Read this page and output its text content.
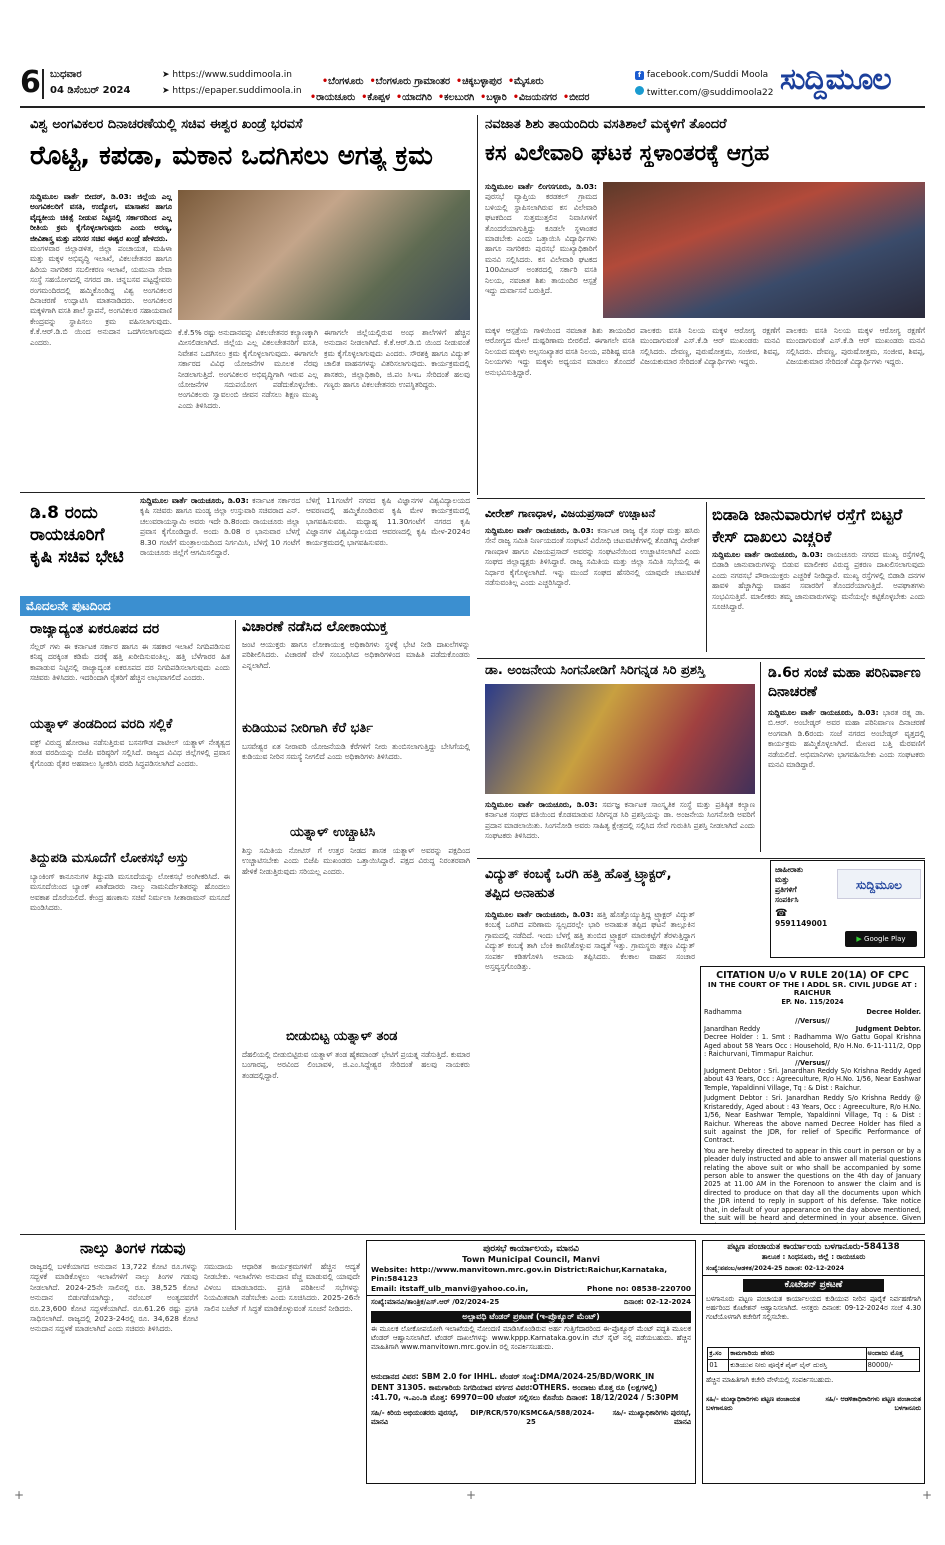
6 ಬುಧವಾರ
04 ಡಿಸೆಂಬರ್ 2024
➤ https://www.suddimoola.in
➤ https://epaper.suddimoola.in
•ಬೆಂಗಳೂರು •ಬೆಂಗಳೂರು ಗ್ರಾಮಾಂತರ •ಚಿಕ್ಕಬಳ್ಳಾಪುರ •ಮೈಸೂರು
•ರಾಯಚೂರು •ಕೊಪ್ಪಳ •ಯಾದಗಿರಿ •ಕಲಬುರಗಿ •ಬಳ್ಳಾರಿ •ವಿಜಯನಗರ •ಬೀದರ
f facebook.com/Suddi Moola
twitter.com/@suddimoola22 ಸುದ್ದಿಮೂಲ
ವಿಶ್ವ ಅಂಗವಿಕಲರ ದಿನಾಚರಣೆಯಲ್ಲಿ ಸಚಿವ ಈಶ್ವರ ಖಂಡ್ರೆ ಭರವಸೆ
ರೊಟ್ಟಿ, ಕಪಡಾ, ಮಕಾನ ಒದಗಿಸಲು ಅಗತ್ಯ ಕ್ರಮ
ಸುದ್ದಿಮೂಲ ವಾರ್ತೆ ಬೀದರ್, ಡಿ.03: ಜಿಲ್ಲೆಯ ಎಲ್ಲ ಅಂಗವಿಕಲರಿಗೆ ವಸತಿ, ಉದ್ಯೋಗ, ಮಾಸಾಶನ ಹಾಗೂ ವೈದ್ಯಕೀಯ ಚಿಕಿತ್ಸೆ ನೀಡುವ ನಿಟ್ಟಿನಲ್ಲಿ ಸರ್ಕಾರದಿಂದ ಎಲ್ಲ ರೀತಿಯ ಕ್ರಮ ಕೈಗೊಳ್ಳಲಾಗುವುದು ಎಂದು ಅರಣ್ಯ, ಜೀವಿಶಾಸ್ತ್ರ ಮತ್ತು ಪರಿಸರ ಸಚಿವ ಈಶ್ವರ ಖಂಡ್ರೆ ಹೇಳಿದರು.
ಮಂಗಳವಾರ ಜಿಲ್ಲಾಡಳಿತ, ಜಿಲ್ಲಾ ಪಂಚಾಯತ, ಮಹಿಳಾ ಮತ್ತು ಮಕ್ಕಳ ಅಭಿವೃದ್ಧಿ ಇಲಾಖೆ, ವಿಕಲಚೇತನರ ಹಾಗೂ ಹಿರಿಯ ನಾಗರಿಕರ ಸಬಲೀಕರಣ ಇಲಾಖೆ, ಯಮುನಾ ಸೇವಾ ಸಂಸ್ಥೆ ಸಹಯೋಗದಲ್ಲಿ ನಗರದ ಡಾ. ಚನ್ನಬಸವ ಪಟ್ಟದ್ದೇವರು ರಂಗಮಂದಿರದಲ್ಲಿ ಹಮ್ಮಿಕೊಂಡಿದ್ದ ವಿಶ್ವ ಅಂಗವಿಕಲರ ದಿನಾಚರಣೆ ಉದ್ಘಾಟಿಸಿ ಮಾತನಾಡಿದರು. ಅಂಗವಿಕಲರ ಮಕ್ಕಳಿಗಾಗಿ ವಸತಿ ಶಾಲೆ ಸ್ಥಾಪನೆ, ಅಂಗವಿಕಲರ ಸಹಾಯವಾಣಿ ಕೇಂದ್ರವನ್ನು ಸ್ಥಾಪಿಸಲು ಕ್ರಮ ವಹಿಸಲಾಗುವುದು. ಕೆ.ಕೆ.ಆರ್.ಡಿ.ಬಿ ಯಿಂದ ಅನುದಾನ ಒದಗಿಸಲಾಗುವುದು ಎಂದರು.
ಕೆ.ಕೆ.5% ರಷ್ಟು ಅನುದಾನವನ್ನು ವಿಕಲಚೇತನರ ಕಲ್ಯಾಣಕ್ಕಾಗಿ ಮೀಸಲಿಡಲಾಗಿದೆ. ಜಿಲ್ಲೆಯ ಎಲ್ಲ ವಿಕಲಚೇತನರಿಗೆ ವಸತಿ, ನಿವೇಶನ ಒದಗಿಸಲು ಕ್ರಮ ಕೈಗೊಳ್ಳಲಾಗುವುದು. ಈಗಾಗಲೇ ಸರ್ಕಾರದ ವಿವಿಧ ಯೋಜನೆಗಳ ಮೂಲಕ ನೆರವು ನೀಡಲಾಗುತ್ತಿದೆ. ಅಂಗವಿಕಲರ ಅಭಿವೃದ್ಧಿಗಾಗಿ ಇರುವ ಎಲ್ಲ ಯೋಜನೆಗಳ ಸದುಪಯೋಗ ಪಡೆದುಕೊಳ್ಳಬೇಕು. ಅಂಗವಿಕಲರು ಸ್ವಾವಲಂಬಿ ಜೀವನ ನಡೆಸಲು ಶಿಕ್ಷಣ ಮುಖ್ಯ ಎಂದು ತಿಳಿಸಿದರು.
ಈಗಾಗಲೇ ಜಿಲ್ಲೆಯಲ್ಲಿರುವ ಅಂಧ ಶಾಲೆಗಳಿಗೆ ಹೆಚ್ಚಿನ ಅನುದಾನ ನೀಡಲಾಗಿದೆ. ಕೆ.ಕೆ.ಆರ್.ಡಿ.ಬಿ ಯಿಂದ ನೀಡುವಂತೆ ಕ್ರಮ ಕೈಗೊಳ್ಳಲಾಗುವುದು ಎಂದರು. ಸೌರಶಕ್ತಿ ಹಾಗೂ ವಿದ್ಯುತ್ ಚಾಲಿತ ವಾಹನಗಳನ್ನು ವಿತರಿಸಲಾಗುವುದು. ಕಾರ್ಯಕ್ರಮದಲ್ಲಿ ಶಾಸಕರು, ಜಿಲ್ಲಾಧಿಕಾರಿ, ಜಿ.ಪಂ ಸಿಇಒ ಸೇರಿದಂತೆ ಹಲವು ಗಣ್ಯರು ಹಾಗೂ ವಿಕಲಚೇತನರು ಉಪಸ್ಥಿತರಿದ್ದರು.
ನವಜಾತ ಶಿಶು ತಾಯಂದಿರು ವಸತಿಶಾಲೆ ಮಕ್ಕಳಿಗೆ ತೊಂದರೆ
ಕಸ ವಿಲೇವಾರಿ ಘಟಕ ಸ್ಥಳಾಂತರಕ್ಕೆ ಆಗ್ರಹ
ಸುದ್ದಿಮೂಲ ವಾರ್ತೆ ಲಿಂಗಸಗೂರು, ಡಿ.03: ಪುರಸಭೆ ವ್ಯಾಪ್ತಿಯ ಕರಡಕಲ್ ಗ್ರಾಮದ ಬಳಿಯಲ್ಲಿ ಸ್ಥಾಪಿಸಲಾಗಿರುವ ಕಸ ವಿಲೇವಾರಿ ಘಟಕದಿಂದ ಸುತ್ತಮುತ್ತಲಿನ ನಿವಾಸಿಗಳಿಗೆ ತೊಂದರೆಯಾಗುತ್ತಿದ್ದು ಕೂಡಲೇ ಸ್ಥಳಾಂತರ ಮಾಡಬೇಕು ಎಂದು ಒತ್ತಾಯಿಸಿ ವಿದ್ಯಾರ್ಥಿಗಳು ಹಾಗೂ ನಾಗರಿಕರು ಪುರಸಭೆ ಮುಖ್ಯಾಧಿಕಾರಿಗೆ ಮನವಿ ಸಲ್ಲಿಸಿದರು. ಕಸ ವಿಲೇವಾರಿ ಘಟಕದ 100ಮೀಟರ್ ಅಂತರದಲ್ಲಿ ಸರ್ಕಾರಿ ವಸತಿ ನಿಲಯ, ನವಜಾತ ಶಿಶು ತಾಯಂದಿರ ಆಸ್ಪತ್ರೆ ಇದ್ದು ದುರ್ವಾಸನೆ ಬರುತ್ತಿದೆ.
ಮಕ್ಕಳ ಆಸ್ಪತ್ರೆಯ ಗಾಳಿಯಿಂದ ನವಜಾತ ಶಿಶು ತಾಯಂದಿರ ಆರೋಗ್ಯದ ಮೇಲೆ ದುಷ್ಪರಿಣಾಮ ಬೀರಲಿದೆ. ಈಗಾಗಲೇ ವಸತಿ ನಿಲಯದ ಮಕ್ಕಳು ಅಲ್ಪಸಂಖ್ಯಾತರ ವಸತಿ ನಿಲಯ, ಪರಿಶಿಷ್ಟ ವಸತಿ ನಿಲಯಗಳು ಇದ್ದು ಮಕ್ಕಳು ಅಧ್ಯಯನ ಮಾಡಲು ತೊಂದರೆ ಅನುಭವಿಸುತ್ತಿದ್ದಾರೆ.
ಪಾಲಕರು ವಸತಿ ನಿಲಯ ಮಕ್ಕಳ ಆರೋಗ್ಯ ರಕ್ಷಣೆಗೆ ಮುಂದಾಗುವಂತೆ ಎಸ್.ಕೆ.ಡಿ ಆರ್ ಮುಖಂಡರು ಮನವಿ ಸಲ್ಲಿಸಿದರು. ದೇವಣ್ಣ, ಪುರುಷೋತ್ತಮ, ಸಂಜೀವ, ಶಿವಪ್ಪ, ವಿಜಯಕುಮಾರ ಸೇರಿದಂತೆ ವಿದ್ಯಾರ್ಥಿಗಳು ಇದ್ದರು.
ಪಾಲಕರು ವಸತಿ ನಿಲಯ ಮಕ್ಕಳ ಆರೋಗ್ಯ ರಕ್ಷಣೆಗೆ ಮುಂದಾಗುವಂತೆ ಎಸ್.ಕೆ.ಡಿ ಆರ್ ಮುಖಂಡರು ಮನವಿ ಸಲ್ಲಿಸಿದರು. ದೇವಣ್ಣ, ಪುರುಷೋತ್ತಮ, ಸಂಜೀವ, ಶಿವಪ್ಪ, ವಿಜಯಕುಮಾರ ಸೇರಿದಂತೆ ವಿದ್ಯಾರ್ಥಿಗಳು ಇದ್ದರು.
ಡಿ.8 ರಂದು ರಾಯಚೂರಿಗೆ ಕೃಷಿ ಸಚಿವ ಭೇಟಿ
ಸುದ್ದಿಮೂಲ ವಾರ್ತೆ ರಾಯಚೂರು, ಡಿ.03: ಕರ್ನಾಟಕ ಸರ್ಕಾರದ ಕೃಷಿ ಸಚಿವರು ಹಾಗೂ ಮಂಡ್ಯ ಜಿಲ್ಲಾ ಉಸ್ತುವಾರಿ ಸಚಿವರಾದ ಎನ್. ಚಲುವರಾಯಸ್ವಾಮಿ ಅವರು ಇದೇ ಡಿ.8ರಂದು ರಾಯಚೂರು ಜಿಲ್ಲಾ ಪ್ರವಾಸ ಕೈಗೊಂಡಿದ್ದಾರೆ. ಅಂದು ಡಿ.08 ರ ಭಾನುವಾರ ಬೆಳಗ್ಗೆ 8.30 ಗಂಟೆಗೆ ಮಂತ್ರಾಲಯದಿಂದ ನಿರ್ಗಮಿಸಿ, ಬೆಳಿಗ್ಗೆ 10 ಗಂಟೆಗೆ ರಾಯಚೂರು ಜಿಲ್ಲೆಗೆ ಆಗಮಿಸಲಿದ್ದಾರೆ.
ಬೆಳಿಗ್ಗೆ 11ಗಂಟೆಗೆ ನಗರದ ಕೃಷಿ ವಿಜ್ಞಾನಗಳ ವಿಶ್ವವಿದ್ಯಾಲಯದ ಆವರಣದಲ್ಲಿ ಹಮ್ಮಿಕೊಂಡಿರುವ ಕೃಷಿ ಮೇಳ ಕಾರ್ಯಕ್ರಮದಲ್ಲಿ ಭಾಗವಹಿಸುವರು. ಮಧ್ಯಾಹ್ನ 11.30ಗಂಟೆಗೆ ನಗರದ ಕೃಷಿ ವಿಜ್ಞಾನಗಳ ವಿಶ್ವವಿದ್ಯಾಲಯದ ಆವರಣದಲ್ಲಿ ಕೃಷಿ ಮೇಳ-2024ರ ಕಾರ್ಯಕ್ರಮದಲ್ಲಿ ಭಾಗವಹಿಸುವರು.
ಮೊದಲನೇ ಪುಟದಿಂದ
ರಾಜ್ಯಾದ್ಯಂತ ಏಕರೂಪದ ದರ
ಸೆಲ್ಲರ್ ಗಳು ಈ ಕರ್ನಾಟಕ ಸರ್ಕಾರ ಹಾಗೂ ಈ ಸಹಕಾರ ಇಲಾಖೆ ನಿಗದಿಪಡಿಸುವ ಕನಿಷ್ಠ ದರಕ್ಕಿಂತ ಕಡಿಮೆ ದರಕ್ಕೆ ಹತ್ತಿ ಖರೀದಿಸುವಂತಿಲ್ಲ. ಹತ್ತಿ ಬೆಳೆಗಾರರ ಹಿತ ಕಾಪಾಡುವ ನಿಟ್ಟಿನಲ್ಲಿ ರಾಜ್ಯಾದ್ಯಂತ ಏಕರೂಪದ ದರ ನಿಗದಿಪಡಿಸಲಾಗುವುದು ಎಂದು ಸಚಿವರು ತಿಳಿಸಿದರು. ಇದರಿಂದಾಗಿ ರೈತರಿಗೆ ಹೆಚ್ಚಿನ ಲಾಭವಾಗಲಿದೆ ಎಂದರು.
ಯತ್ನಾಳ್ ತಂಡದಿಂದ ವರದಿ ಸಲ್ಲಿಕೆ
ವಕ್ಫ್ ವಿರುದ್ಧ ಹೋರಾಟ ನಡೆಸುತ್ತಿರುವ ಬಸನಗೌಡ ಪಾಟೀಲ್ ಯತ್ನಾಳ್ ನೇತೃತ್ವದ ತಂಡ ವರದಿಯನ್ನು ಬಿಜೆಪಿ ವರಿಷ್ಠರಿಗೆ ಸಲ್ಲಿಸಿದೆ. ರಾಜ್ಯದ ವಿವಿಧ ಜಿಲ್ಲೆಗಳಲ್ಲಿ ಪ್ರವಾಸ ಕೈಗೊಂಡು ರೈತರ ಅಹವಾಲು ಸ್ವೀಕರಿಸಿ ವರದಿ ಸಿದ್ಧಪಡಿಸಲಾಗಿದೆ ಎಂದರು.
ತಿದ್ದುಪಡಿ ಮಸೂದೆಗೆ ಲೋಕಸಭೆ ಅಸ್ತು
ಬ್ಯಾಂಕಿಂಗ್ ಕಾನೂನುಗಳ ತಿದ್ದುಪಡಿ ಮಸೂದೆಯನ್ನು ಲೋಕಸಭೆ ಅಂಗೀಕರಿಸಿದೆ. ಈ ಮಸೂದೆಯಿಂದ ಬ್ಯಾಂಕ್ ಖಾತೆದಾರರು ನಾಲ್ಕು ನಾಮನಿರ್ದೇಶಿತರನ್ನು ಹೊಂದಲು ಅವಕಾಶ ದೊರೆಯಲಿದೆ. ಕೇಂದ್ರ ಹಣಕಾಸು ಸಚಿವೆ ನಿರ್ಮಲಾ ಸೀತಾರಾಮನ್ ಮಸೂದೆ ಮಂಡಿಸಿದರು.
ವಿಚಾರಣೆ ನಡೆಸಿದ ಲೋಕಾಯುಕ್ತ
ಜಂಟಿ ಆಯುಕ್ತರು ಹಾಗೂ ಲೋಕಾಯುಕ್ತ ಅಧಿಕಾರಿಗಳು ಸ್ಥಳಕ್ಕೆ ಭೇಟಿ ನೀಡಿ ದಾಖಲೆಗಳನ್ನು ಪರಿಶೀಲಿಸಿದರು. ವಿಚಾರಣೆ ವೇಳೆ ಸಂಬಂಧಿಸಿದ ಅಧಿಕಾರಿಗಳಿಂದ ಮಾಹಿತಿ ಪಡೆದುಕೊಂಡರು ಎನ್ನಲಾಗಿದೆ.
ಕುಡಿಯುವ ನೀರಿಗಾಗಿ ಕೆರೆ ಭರ್ತಿ
ಬಸವೇಶ್ವರ ಏತ ನೀರಾವರಿ ಯೋಜನೆಯಡಿ ಕೆರೆಗಳಿಗೆ ನೀರು ತುಂಬಿಸಲಾಗುತ್ತಿದ್ದು ಬೇಸಿಗೆಯಲ್ಲಿ ಕುಡಿಯುವ ನೀರಿನ ಸಮಸ್ಯೆ ನೀಗಲಿದೆ ಎಂದು ಅಧಿಕಾರಿಗಳು ತಿಳಿಸಿದರು.
ಯತ್ನಾಳ್ ಉಚ್ಚಾಟಿಸಿ
ಶಿಸ್ತು ಸಮಿತಿಯ ನೋಟಿಸ್ ಗೆ ಉತ್ತರ ನೀಡದ ಶಾಸಕ ಯತ್ನಾಳ್ ಅವರನ್ನು ಪಕ್ಷದಿಂದ ಉಚ್ಚಾಟಿಸಬೇಕು ಎಂದು ಬಿಜೆಪಿ ಮುಖಂಡರು ಒತ್ತಾಯಿಸಿದ್ದಾರೆ. ಪಕ್ಷದ ವಿರುದ್ಧ ನಿರಂತರವಾಗಿ ಹೇಳಿಕೆ ನೀಡುತ್ತಿರುವುದು ಸರಿಯಲ್ಲ ಎಂದರು.
ಬೀಡುಬಿಟ್ಟ ಯತ್ನಾಳ್ ತಂಡ
ದೆಹಲಿಯಲ್ಲಿ ಬೀಡುಬಿಟ್ಟಿರುವ ಯತ್ನಾಳ್ ತಂಡ ಹೈಕಮಾಂಡ್ ಭೇಟಿಗೆ ಪ್ರಯತ್ನ ನಡೆಸುತ್ತಿದೆ. ಕುಮಾರ ಬಂಗಾರಪ್ಪ, ಅರವಿಂದ ಲಿಂಬಾವಳಿ, ಜಿ.ಎಂ.ಸಿದ್ದೇಶ್ವರ ಸೇರಿದಂತೆ ಹಲವು ನಾಯಕರು ತಂಡದಲ್ಲಿದ್ದಾರೆ.
ವೀರೇಶ್ ಗಾಣಧಾಳ, ವಿಜಯಪ್ರಸಾದ್ ಉಚ್ಚಾಟನೆ
ಸುದ್ದಿಮೂಲ ವಾರ್ತೆ ರಾಯಚೂರು, ಡಿ.03: ಕರ್ನಾಟಕ ರಾಜ್ಯ ರೈತ ಸಂಘ ಮತ್ತು ಹಸಿರು ಸೇನೆ ರಾಜ್ಯ ಸಮಿತಿ ನಿರ್ಣಯದಂತೆ ಸಂಘಟನೆ ವಿರೋಧಿ ಚಟುವಟಿಕೆಗಳಲ್ಲಿ ತೊಡಗಿದ್ದ ವೀರೇಶ್ ಗಾಣಧಾಳ ಹಾಗೂ ವಿಜಯಪ್ರಸಾದ್ ಅವರನ್ನು ಸಂಘಟನೆಯಿಂದ ಉಚ್ಚಾಟಿಸಲಾಗಿದೆ ಎಂದು ಸಂಘದ ಜಿಲ್ಲಾಧ್ಯಕ್ಷರು ತಿಳಿಸಿದ್ದಾರೆ. ರಾಜ್ಯ ಸಮಿತಿಯ ಮತ್ತು ಜಿಲ್ಲಾ ಸಮಿತಿ ಸಭೆಯಲ್ಲಿ ಈ ನಿರ್ಧಾರ ಕೈಗೊಳ್ಳಲಾಗಿದೆ. ಇನ್ನು ಮುಂದೆ ಸಂಘದ ಹೆಸರಿನಲ್ಲಿ ಯಾವುದೇ ಚಟುವಟಿಕೆ ನಡೆಸುವಂತಿಲ್ಲ ಎಂದು ಎಚ್ಚರಿಸಿದ್ದಾರೆ.
ಬಿಡಾಡಿ ಜಾನುವಾರುಗಳ ರಸ್ತೆಗೆ ಬಿಟ್ಟರೆ ಕೇಸ್ ದಾಖಲು ಎಚ್ಚರಿಕೆ
ಸುದ್ದಿಮೂಲ ವಾರ್ತೆ ರಾಯಚೂರು, ಡಿ.03: ರಾಯಚೂರು ನಗರದ ಮುಖ್ಯ ರಸ್ತೆಗಳಲ್ಲಿ ಬಿಡಾಡಿ ಜಾನುವಾರುಗಳನ್ನು ಬಿಡುವ ಮಾಲೀಕರ ವಿರುದ್ಧ ಪ್ರಕರಣ ದಾಖಲಿಸಲಾಗುವುದು ಎಂದು ನಗರಸಭೆ ಪೌರಾಯುಕ್ತರು ಎಚ್ಚರಿಕೆ ನೀಡಿದ್ದಾರೆ. ಮುಖ್ಯ ರಸ್ತೆಗಳಲ್ಲಿ ಬಿಡಾಡಿ ದನಗಳ ಹಾವಳಿ ಹೆಚ್ಚಾಗಿದ್ದು ವಾಹನ ಸವಾರರಿಗೆ ತೊಂದರೆಯಾಗುತ್ತಿದೆ. ಅಪಘಾತಗಳು ಸಂಭವಿಸುತ್ತಿವೆ. ಮಾಲೀಕರು ತಮ್ಮ ಜಾನುವಾರುಗಳನ್ನು ಮನೆಯಲ್ಲೇ ಕಟ್ಟಿಕೊಳ್ಳಬೇಕು ಎಂದು ಸೂಚಿಸಿದ್ದಾರೆ.
ಡಾ. ಅಂಜನೇಯ ಸಿಂಗನೋಡಿಗೆ ಸಿರಿಗನ್ನಡ ಸಿರಿ ಪ್ರಶಸ್ತಿ
ಸುದ್ದಿಮೂಲ ವಾರ್ತೆ ರಾಯಚೂರು, ಡಿ.03: ಸರ್ವಜ್ಞ ಕರ್ನಾಟಕ ಸಾಂಸ್ಕೃತಿಕ ಸಂಸ್ಥೆ ಮತ್ತು ಪ್ರತಿಷ್ಠಿತ ಕಲ್ಯಾಣ ಕರ್ನಾಟಕ ಸಂಘದ ವತಿಯಿಂದ ಕೊಡಮಾಡುವ ಸಿರಿಗನ್ನಡ ಸಿರಿ ಪ್ರಶಸ್ತಿಯನ್ನು ಡಾ. ಅಂಜನೇಯ ಸಿಂಗನೋಡಿ ಅವರಿಗೆ ಪ್ರದಾನ ಮಾಡಲಾಯಿತು. ಸಿಂಗನೋಡಿ ಅವರು ಸಾಹಿತ್ಯ ಕ್ಷೇತ್ರದಲ್ಲಿ ಸಲ್ಲಿಸಿದ ಸೇವೆ ಗುರುತಿಸಿ ಪ್ರಶಸ್ತಿ ನೀಡಲಾಗಿದೆ ಎಂದು ಸಂಘಟಕರು ತಿಳಿಸಿದರು.
ಡಿ.6ರ ಸಂಜೆ ಮಹಾ ಪರಿನಿರ್ವಾಣ ದಿನಾಚರಣೆ
ಸುದ್ದಿಮೂಲ ವಾರ್ತೆ ರಾಯಚೂರು, ಡಿ.03: ಭಾರತ ರತ್ನ ಡಾ. ಬಿ.ಆರ್. ಅಂಬೇಡ್ಕರ್ ಅವರ ಮಹಾ ಪರಿನಿರ್ವಾಣ ದಿನಾಚರಣೆ ಅಂಗವಾಗಿ ಡಿ.6ರಂದು ಸಂಜೆ ನಗರದ ಅಂಬೇಡ್ಕರ್ ವೃತ್ತದಲ್ಲಿ ಕಾರ್ಯಕ್ರಮ ಹಮ್ಮಿಕೊಳ್ಳಲಾಗಿದೆ. ಮೇಣದ ಬತ್ತಿ ಮೆರವಣಿಗೆ ನಡೆಯಲಿದೆ. ಅಭಿಮಾನಿಗಳು ಭಾಗವಹಿಸಬೇಕು ಎಂದು ಸಂಘಟಕರು ಮನವಿ ಮಾಡಿದ್ದಾರೆ.
ವಿದ್ಯುತ್ ಕಂಬಕ್ಕೆ ಒರಗಿ ಹತ್ತಿ ಹೊತ್ತ ಟ್ರ್ಯಾಕ್ಟರ್, ತಪ್ಪಿದ ಅನಾಹುತ
ಸುದ್ದಿಮೂಲ ವಾರ್ತೆ ರಾಯಚೂರು, ಡಿ.03: ಹತ್ತಿ ಹೊತ್ತೊಯ್ಯುತ್ತಿದ್ದ ಟ್ರ್ಯಾಕ್ಟರ್ ವಿದ್ಯುತ್ ಕಂಬಕ್ಕೆ ಒರಗಿದ ಪರಿಣಾಮ ಸ್ವಲ್ಪದರಲ್ಲೇ ಭಾರಿ ಅನಾಹುತ ತಪ್ಪಿದ ಘಟನೆ ತಾಲ್ಲೂಕಿನ ಗ್ರಾಮದಲ್ಲಿ ನಡೆದಿದೆ. ಇಂದು ಬೆಳಗ್ಗೆ ಹತ್ತಿ ತುಂಬಿದ ಟ್ರ್ಯಾಕ್ಟರ್ ಮಾರುಕಟ್ಟೆಗೆ ತೆರಳುತ್ತಿದ್ದಾಗ ವಿದ್ಯುತ್ ಕಂಬಕ್ಕೆ ತಾಗಿ ಬೆಂಕಿ ಕಾಣಿಸಿಕೊಳ್ಳುವ ಸಾಧ್ಯತೆ ಇತ್ತು. ಗ್ರಾಮಸ್ಥರು ತಕ್ಷಣ ವಿದ್ಯುತ್ ಸಂಪರ್ಕ ಕಡಿತಗೊಳಿಸಿ ಅಪಾಯ ತಪ್ಪಿಸಿದರು. ಕೆಲಕಾಲ ವಾಹನ ಸಂಚಾರ ಅಸ್ತವ್ಯಸ್ತಗೊಂಡಿತ್ತು.
ಜಾಹೀರಾತು
ಮತ್ತು
ಪ್ರತಿಗಳಿಗೆ
ಸಂಪರ್ಕಿಸಿ
☎
9591149001
ಸುದ್ದಿಮೂಲ
▶ Google Play
CITATION U/o V RULE 20(1A) OF CPC
IN THE COURT OF THE I ADDL SR. CIVIL JUDGE AT : RAICHUR
EP. No. 115/2024
Radhamma	Decree Holder.
//Versus//
Janardhan Reddy	Judgment Debtor.
Decree Holder : 1. Smt : Radhamma W/o Gattu Gopal Krishna Aged about 58 Years Occ : Household, R/o H.No. 6-11-111/2, Opp : Raichurvani, Timmapur Raichur.
//Versus//
Judgment Debtor : Sri. Janardhan Reddy S/o Krishna Reddy Aged about 43 Years, Occ : Agreeculture, R/o H.No. 1/56, Near Eashwar Temple, Yapaldinni Village, Tq : & Dist : Raichur.
Judgment Debtor : Sri. Janardhan Reddy S/o Krishna Reddy @ Kristareddy, Aged about : 43 Years, Occ : Agreeculture, R/o H.No. 1/56, Near Eashwar Temple, Yapaldinni Village, Tq : & Dist : Raichur. Whereas the above named Decree Holder has filed a suit against the JDR, for relief of Specific Performance of Contract.
You are hereby directed to appear in this court in person or by a pleader duly instructed and able to answer all material questions relating the above suit or who shall be accompanied by some person able to answer the questions on the 4th day of January 2025 at 11.00 AM in the Forenoon to answer the claim and is directed to produce on that day all the documents upon which the JDR intend to reply in support of his defense. Take notice that, in default of your appearance on the day above mentioned, the suit will be heard and determined in your absence. Given
ನಾಲ್ಕು ತಿಂಗಳ ಗಡುವು
ರಾಜ್ಯದಲ್ಲಿ ಬಳಕೆಯಾಗದ ಅನುದಾನ 13,722 ಕೋಟಿ ರೂ.ಗಳನ್ನು ಸದ್ಬಳಕೆ ಮಾಡಿಕೊಳ್ಳಲು ಇಲಾಖೆಗಳಿಗೆ ನಾಲ್ಕು ತಿಂಗಳ ಗಡುವು ನೀಡಲಾಗಿದೆ. 2024-25ನೇ ಸಾಲಿನಲ್ಲಿ ರೂ. 38,525 ಕೋಟಿ ಅನುದಾನ ಬಿಡುಗಡೆಯಾಗಿದ್ದು, ನವೆಂಬರ್ ಅಂತ್ಯದವರೆಗೆ ರೂ.23,600 ಕೋಟಿ ಸದ್ಬಳಕೆಯಾಗಿದೆ. ರೂ.61.26 ರಷ್ಟು ಪ್ರಗತಿ ಸಾಧಿಸಲಾಗಿದೆ. ರಾಜ್ಯದಲ್ಲಿ 2023-24ರಲ್ಲಿ ರೂ. 34,628 ಕೋಟಿ ಅನುದಾನ ಸದ್ಬಳಕೆ ಮಾಡಲಾಗಿದೆ ಎಂದು ಸಚಿವರು ತಿಳಿಸಿದರು.
ಸಮುದಾಯ ಆಧಾರಿತ ಕಾರ್ಯಕ್ರಮಗಳಿಗೆ ಹೆಚ್ಚಿನ ಆದ್ಯತೆ ನೀಡಬೇಕು. ಇಲಾಖೆಗಳು ಅನುದಾನ ವೆಚ್ಚ ಮಾಡುವಲ್ಲಿ ಯಾವುದೇ ವಿಳಂಬ ಮಾಡಬಾರದು. ಪ್ರಗತಿ ಪರಿಶೀಲನೆ ಸಭೆಗಳನ್ನು ನಿಯಮಿತವಾಗಿ ನಡೆಸಬೇಕು ಎಂದು ಸೂಚಿಸಿದರು. 2025-26ನೇ ಸಾಲಿನ ಬಜೆಟ್ ಗೆ ಸಿದ್ಧತೆ ಮಾಡಿಕೊಳ್ಳುವಂತೆ ಸೂಚನೆ ನೀಡಿದರು.
ಪುರಸಭೆ ಕಾರ್ಯಾಲಯ, ಮಾನವಿ
Town Municipal Council, Manvi
Website: http://www.manvitown.mrc.gov.in District:Raichur,Karnataka, Pin:584123
Email: itstaff_ulb_manvi@yahoo.co.in,	Phone no: 08538-220700
ಸಂಖ್ಯೆ:ಮಾನವಿ/ತಾಂತ್ರಿಕ/ಎಸ್.ಆರ್ /02/2024-25	ದಿನಾಂಕ: 02-12-2024
ಅಲ್ಪಾವಧಿ ಟೆಂಡರ್ ಪ್ರಕಟಣೆ (ಇ-ಪ್ರೊಕ್ಯೂರ್ ಮೆಂಟ್)
ಈ ಮೂಲಕ ಲೋಕೋಪಯೋಗಿ ಇಲಾಖೆಯಲ್ಲಿ ನೋಂದಣಿ ಮಾಡಿಸಿಕೊಂಡಿರುವ ಅರ್ಹ ಗುತ್ತಿಗೆದಾರರಿಂದ ಈ-ಪ್ರೊಕ್ಯೂರ್ ಮೆಂಟ್ ಪದ್ಧತಿ ಮೂಲಕ ಟೆಂಡರ್ ಆಹ್ವಾನಿಸಲಾಗಿದೆ. ಟೆಂಡರ್ ದಾಖಲೆಗಳನ್ನು www.kppp.Karnataka.gov.in ವೆಬ್ ಸೈಟ್ ನಲ್ಲಿ ಪಡೆಯಬಹುದು. ಹೆಚ್ಚಿನ ಮಾಹಿತಿಗಾಗಿ www.manvitown.mrc.gov.in ರಲ್ಲಿ ಸಂಪರ್ಕಿಸಬಹುದು.
ಅನುದಾನದ ವಿವರ: SBM 2.0 for IHHL. ಟೆಂಡರ್ ಸಂಖ್ಯೆ:DMA/2024-25/BD/WORK_IN
DENT 31305. ಕಾಮಗಾರಿಯ ನಿಗದಿಯಾದ ವರ್ಗದ ವಿವರ:OTHERS. ಅಂದಾಜು ಮೊತ್ತ ರೂ (ಲಕ್ಷಗಳಲ್ಲಿ)
:41.70, ಇ.ಎಂ.ಡಿ ಮೊತ್ತ: 69970=00 ಟೆಂಡರ್ ಸಲ್ಲಿಸಲು ಕೊನೆಯ ದಿನಾಂಕ: 18/12/2024 / 5:30PM
ಸಹಿ/- ಕಿರಿಯ ಅಭಿಯಂತರರು ಪುರಸಭೆ, ಮಾನವಿ
DIP/RCR/570/KSMC&A/588/2024-25
ಸಹಿ/- ಮುಖ್ಯಾಧಿಕಾರಿಗಳು ಪುರಸಭೆ, ಮಾನವಿ
ಪಟ್ಟಣ ಪಂಚಾಯತ ಕಾರ್ಯಾಲಯ ಬಳಗಾನೂರು-584138
ತಾಲೂಕ : ಸಿಂಧನೂರು, ಜಿಲ್ಲೆ : ರಾಯಚೂರು
ಸಂಖ್ಯೆ:ಪಪಂಬ/ಆಡಳಿತ/2024-25 ದಿನಾಂಕ: 02-12-2024
ಕೊಟೇಶನ್ ಪ್ರಕಟಣೆ
ಬಳಗಾನೂರು ಪಟ್ಟಣ ಪಂಚಾಯತ ಕಾರ್ಯಾಲಯದ ಕುಡಿಯುವ ನೀರಿನ ಪೂರೈಕೆ ನಿರ್ವಹಣೆಗಾಗಿ ಅರ್ಹರಿಂದ ಕೊಟೇಶನ್ ಆಹ್ವಾನಿಸಲಾಗಿದೆ. ಆಸಕ್ತರು ದಿನಾಂಕ: 09-12-2024ರ ಸಂಜೆ 4.30 ಗಂಟೆಯೊಳಗಾಗಿ ಕಚೇರಿಗೆ ಸಲ್ಲಿಸಬೇಕು.
ಕ್ರ.ಸಂ	ಕಾಮಗಾರಿಯ ಹೆಸರು	ಅಂದಾಜು ಮೊತ್ತ
01	ಕುಡಿಯುವ ನೀರು ಪೂರೈಕೆ ಪೈಪ್ ಲೈನ್ ದುರಸ್ತಿ	80000/-
ಹೆಚ್ಚಿನ ಮಾಹಿತಿಗಾಗಿ ಕಚೇರಿ ವೇಳೆಯಲ್ಲಿ ಸಂಪರ್ಕಿಸಬಹುದು.
ಸಹಿ/- ಮುಖ್ಯಾಧಿಕಾರಿಗಳು ಪಟ್ಟಣ ಪಂಚಾಯತ ಬಳಗಾನೂರು
ಸಹಿ/- ಆಡಳಿತಾಧಿಕಾರಿಗಳು ಪಟ್ಟಣ ಪಂಚಾಯತ ಬಳಗಾನೂರು
+	+	+
